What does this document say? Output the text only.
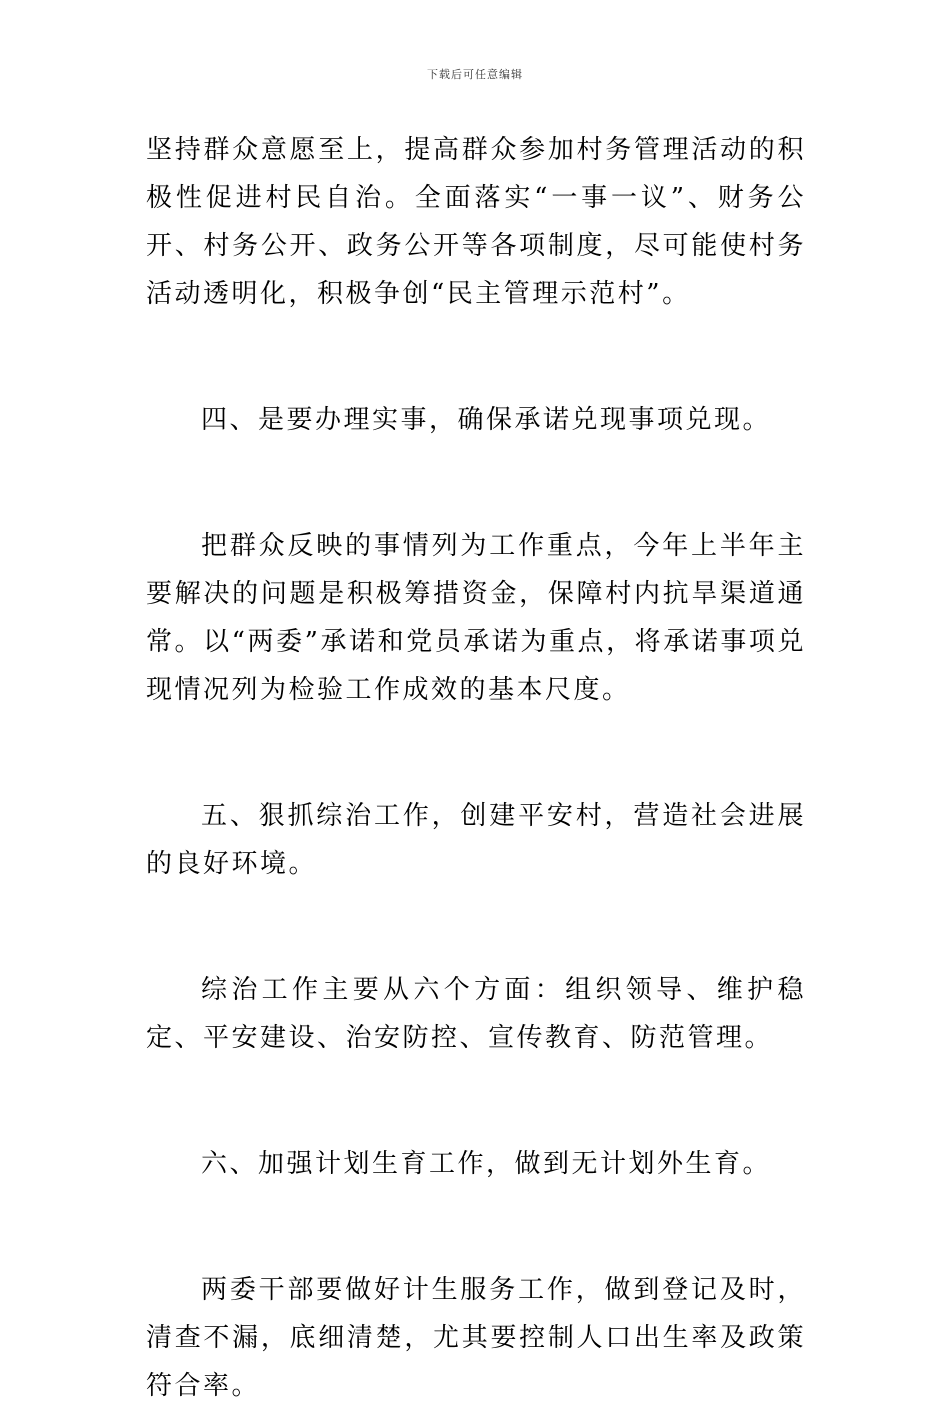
下载后可任意编辑

坚持群众意愿至上，提高群众参加村务管理活动的积极性促进村民自治。全面落实“一事一议”、财务公开、村务公开、政务公开等各项制度，尽可能使村务活动透明化，积极争创“民主管理示范村”。

四、是要办理实事，确保承诺兑现事项兑现。

把群众反映的事情列为工作重点，今年上半年主要解决的问题是积极筹措资金，保障村内抗旱渠道通常。以“两委”承诺和党员承诺为重点，将承诺事项兑现情况列为检验工作成效的基本尺度。

五、狠抓综治工作，创建平安村，营造社会进展的良好环境。

综治工作主要从六个方面：组织领导、维护稳定、平安建设、治安防控、宣传教育、防范管理。

六、加强计划生育工作，做到无计划外生育。

两委干部要做好计生服务工作，做到登记及时，清查不漏，底细清楚，尤其要控制人口出生率及政策符合率。
